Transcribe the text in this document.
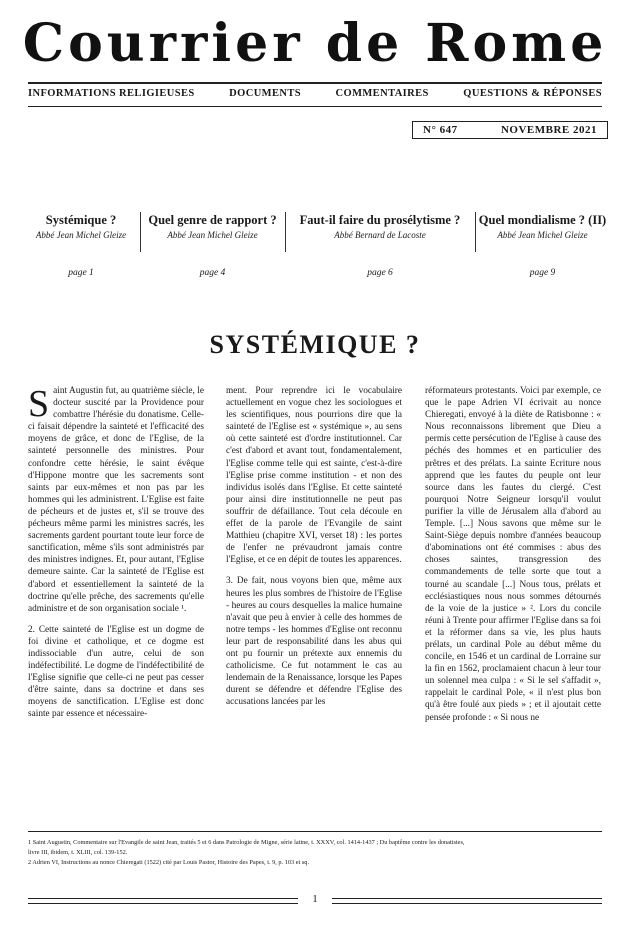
Courrier de Rome
INFORMATIONS RELIGIEUSES	DOCUMENTS	COMMENTAIRES	QUESTIONS & RÉPONSES
N° 647	NOVEMBRE 2021
Systémique ?
Abbé Jean Michel Gleize
page 1
Quel genre de rapport ?
Abbé Jean Michel Gleize
page 4
Faut-il faire du prosélytisme ?
Abbé Bernard de Lacoste
page 6
Quel mondialisme ? (II)
Abbé Jean Michel Gleize
page 9
SYSTÉMIQUE ?

Saint Augustin fut, au quatrième siècle, le docteur suscité par la Providence pour combattre l'hérésie du donatisme. Celle-ci faisait dépendre la sainteté et l'efficacité des moyens de grâce, et donc de l'Eglise, de la sainteté personnelle des ministres. Pour confondre cette hérésie, le saint évêque d'Hippone montre que les sacrements sont saints par eux-mêmes et non pas par les hommes qui les administrent. L'Eglise est faite de pécheurs et de justes et, s'il se trouve des pécheurs même parmi les ministres sacrés, les sacrements gardent pourtant toute leur force de sanctification, même s'ils sont administrés par des ministres indignes. Et, pour autant, l'Eglise demeure sainte. Car la sainteté de l'Eglise est d'abord et essentiellement la sainteté de la doctrine qu'elle prêche, des sacrements qu'elle administre et de son organisation sociale ¹.

2. Cette sainteté de l'Eglise est un dogme de foi divine et catholique, et ce dogme est indissociable d'un autre, celui de son indéfectibilité. Le dogme de l'indéfectibilité de l'Eglise signifie que celle-ci ne peut pas cesser d'être sainte, dans sa doctrine et dans ses moyens de sanctification. L'Eglise est donc sainte par essence et nécessaire-

ment. Pour reprendre ici le vocabulaire actuellement en vogue chez les sociologues et les scientifiques, nous pourrions dire que la sainteté de l'Eglise est « systémique », au sens où cette sainteté est d'ordre institutionnel. Car c'est d'abord et avant tout, fondamentalement, l'Eglise comme telle qui est sainte, c'est-à-dire l'Eglise prise comme institution - et non des individus isolés dans l'Eglise. Et cette sainteté pour ainsi dire institutionnelle ne peut pas souffrir de défaillance. Tout cela découle en effet de la parole de l'Evangile de saint Matthieu (chapitre XVI, verset 18) : les portes de l'enfer ne prévaudront jamais contre l'Eglise, et ce en dépit de toutes les apparences.

3. De fait, nous voyons bien que, même aux heures les plus sombres de l'histoire de l'Eglise - heures au cours desquelles la malice humaine n'avait que peu à envier à celle des hommes de notre temps - les hommes d'Eglise ont reconnu leur part de responsabilité dans les abus qui ont pu fournir un prétexte aux ennemis du catholicisme. Ce fut notamment le cas au lendemain de la Renaissance, lorsque les Papes durent se défendre et défendre l'Eglise des accusations lancées par les

réformateurs protestants. Voici par exemple, ce que le pape Adrien VI écrivait au nonce Chieregati, envoyé à la diète de Ratisbonne : « Nous reconnaissons librement que Dieu a permis cette persécution de l'Eglise à cause des péchés des hommes et en particulier des prêtres et des prélats. La sainte Ecriture nous apprend que les fautes du peuple ont leur source dans les fautes du clergé. C'est pourquoi Notre Seigneur lorsqu'il voulut purifier la ville de Jérusalem alla d'abord au Temple. [...] Nous savons que même sur le Saint-Siège depuis nombre d'années beaucoup d'abominations ont été commises : abus des choses saintes, transgression des commandements de telle sorte que tout a tourné au scandale [...] Nous tous, prélats et ecclésiastiques nous nous sommes détournés de la voie de la justice » ². Lors du concile réuni à Trente pour affirmer l'Eglise dans sa foi et la réformer dans sa vie, les plus hauts prélats, un cardinal Pole au début même du concile, en 1546 et un cardinal de Lorraine sur la fin en 1562, proclamaient chacun à leur tour un solennel mea culpa : « Si le sel s'affadit », rappelait le cardinal Pole, « il n'est plus bon qu'à être foulé aux pieds » ; et il ajoutait cette pensée profonde : « Si nous ne

1 Saint Augustin, Commentaire sur l'Evangile de saint Jean, traités 5 et 6 dans Patrologie de Migne, série latine, t. XXXV, col. 1414-1437 ; Du baptême contre les donatistes,
livre III, ibidem, t. XLIII, col. 139-152.
2 Adrien VI, Instructions au nonce Chieregati (1522) cité par Louis Pastor, Histoire des Papes, t. 9, p. 103 et sq.
1
